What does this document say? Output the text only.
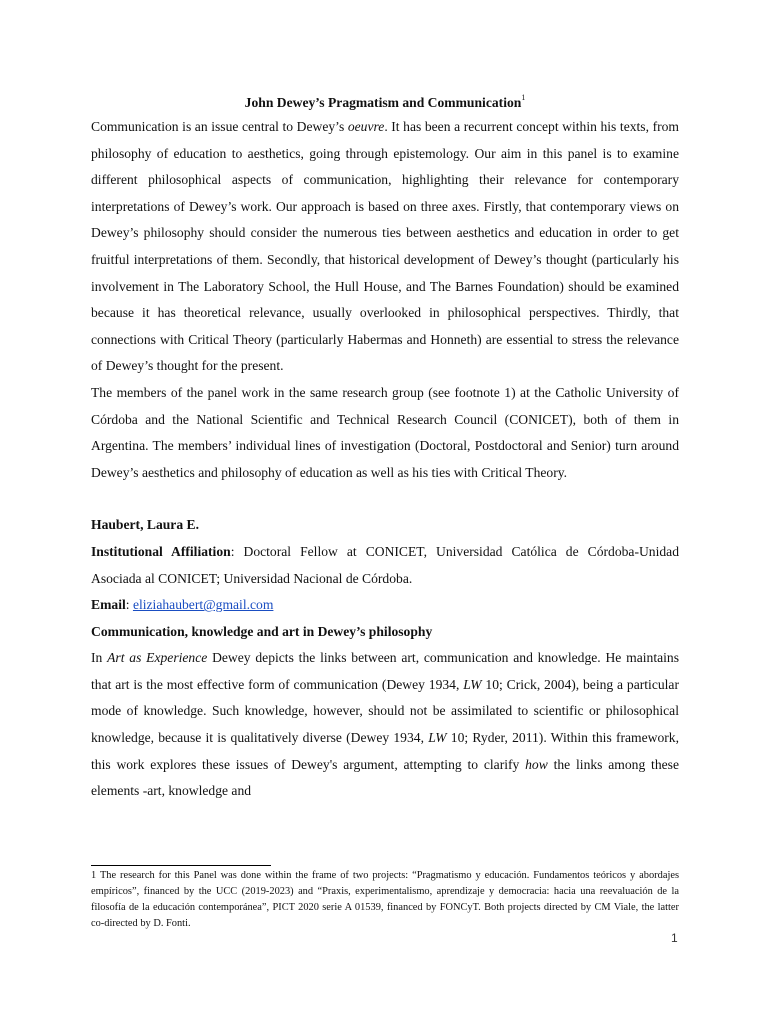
John Dewey’s Pragmatism and Communication$^1$

Communication is an issue central to Dewey’s oeuvre. It has been a recurrent concept within his texts, from philosophy of education to aesthetics, going through epistemology. Our aim in this panel is to examine different philosophical aspects of communication, highlighting their relevance for contemporary interpretations of Dewey’s work. Our approach is based on three axes. Firstly, that contemporary views on Dewey’s philosophy should consider the numerous ties between aesthetics and education in order to get fruitful interpretations of them. Secondly, that historical development of Dewey’s thought (particularly his involvement in The Laboratory School, the Hull House, and The Barnes Foundation) should be examined because it has theoretical relevance, usually overlooked in philosophical perspectives. Thirdly, that connections with Critical Theory (particularly Habermas and Honneth) are essential to stress the relevance of Dewey’s thought for the present.

The members of the panel work in the same research group (see footnote 1) at the Catholic University of Córdoba and the National Scientific and Technical Research Council (CONICET), both of them in Argentina. The members’ individual lines of investigation (Doctoral, Postdoctoral and Senior) turn around Dewey’s aesthetics and philosophy of education as well as his ties with Critical Theory.

Haubert, Laura E.

Institutional Affiliation: Doctoral Fellow at CONICET, Universidad Católica de Córdoba-Unidad Asociada al CONICET; Universidad Nacional de Córdoba.

Email: eliziahaubert@gmail.com

Communication, knowledge and art in Dewey’s philosophy

In Art as Experience Dewey depicts the links between art, communication and knowledge. He maintains that art is the most effective form of communication (Dewey 1934, LW 10; Crick, 2004), being a particular mode of knowledge. Such knowledge, however, should not be assimilated to scientific or philosophical knowledge, because it is qualitatively diverse (Dewey 1934, LW 10; Ryder, 2011). Within this framework, this work explores these issues of Dewey's argument, attempting to clarify how the links among these elements -art, knowledge and

1 The research for this Panel was done within the frame of two projects: “Pragmatismo y educación. Fundamentos teóricos y abordajes empíricos”, financed by the UCC (2019-2023) and “Praxis, experimentalismo, aprendizaje y democracia: hacia una reevaluación de la filosofía de la educación contemporánea”, PICT 2020 serie A 01539, financed by FONCyT. Both projects directed by CM Viale, the latter co-directed by D. Fonti.
1
